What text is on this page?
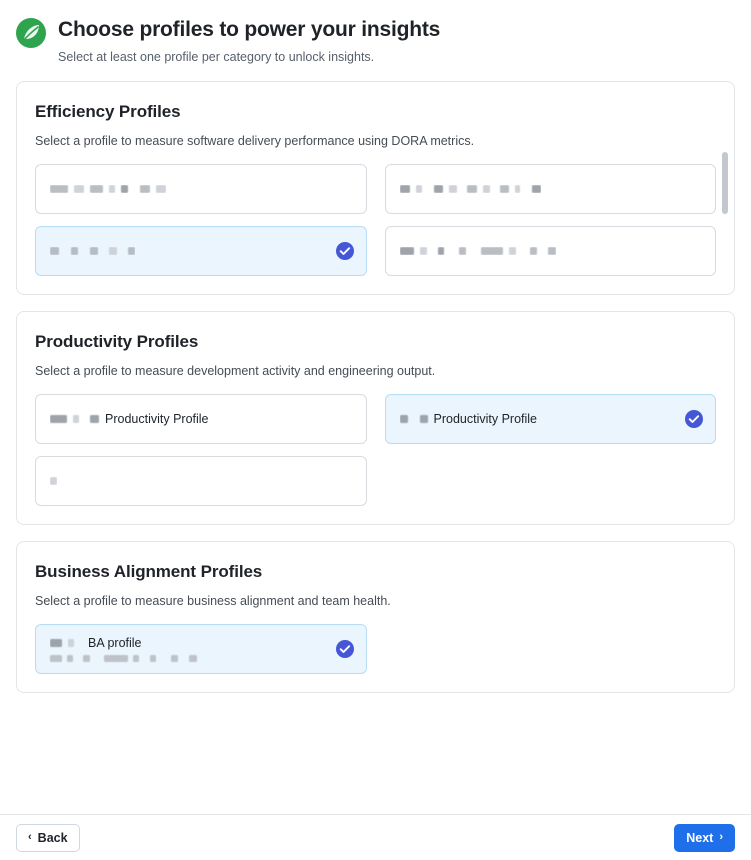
Choose profiles to power your insights

Select at least one profile per category to unlock insights.

Efficiency Profiles

Select a profile to measure software delivery performance using DORA metrics.

Productivity Profiles

Select a profile to measure development activity and engineering output.

Productivity Profile	Productivity Profile
Business Alignment Profiles

Select a profile to measure business alignment and team health.

BA profile
‹ Back	Next ›
